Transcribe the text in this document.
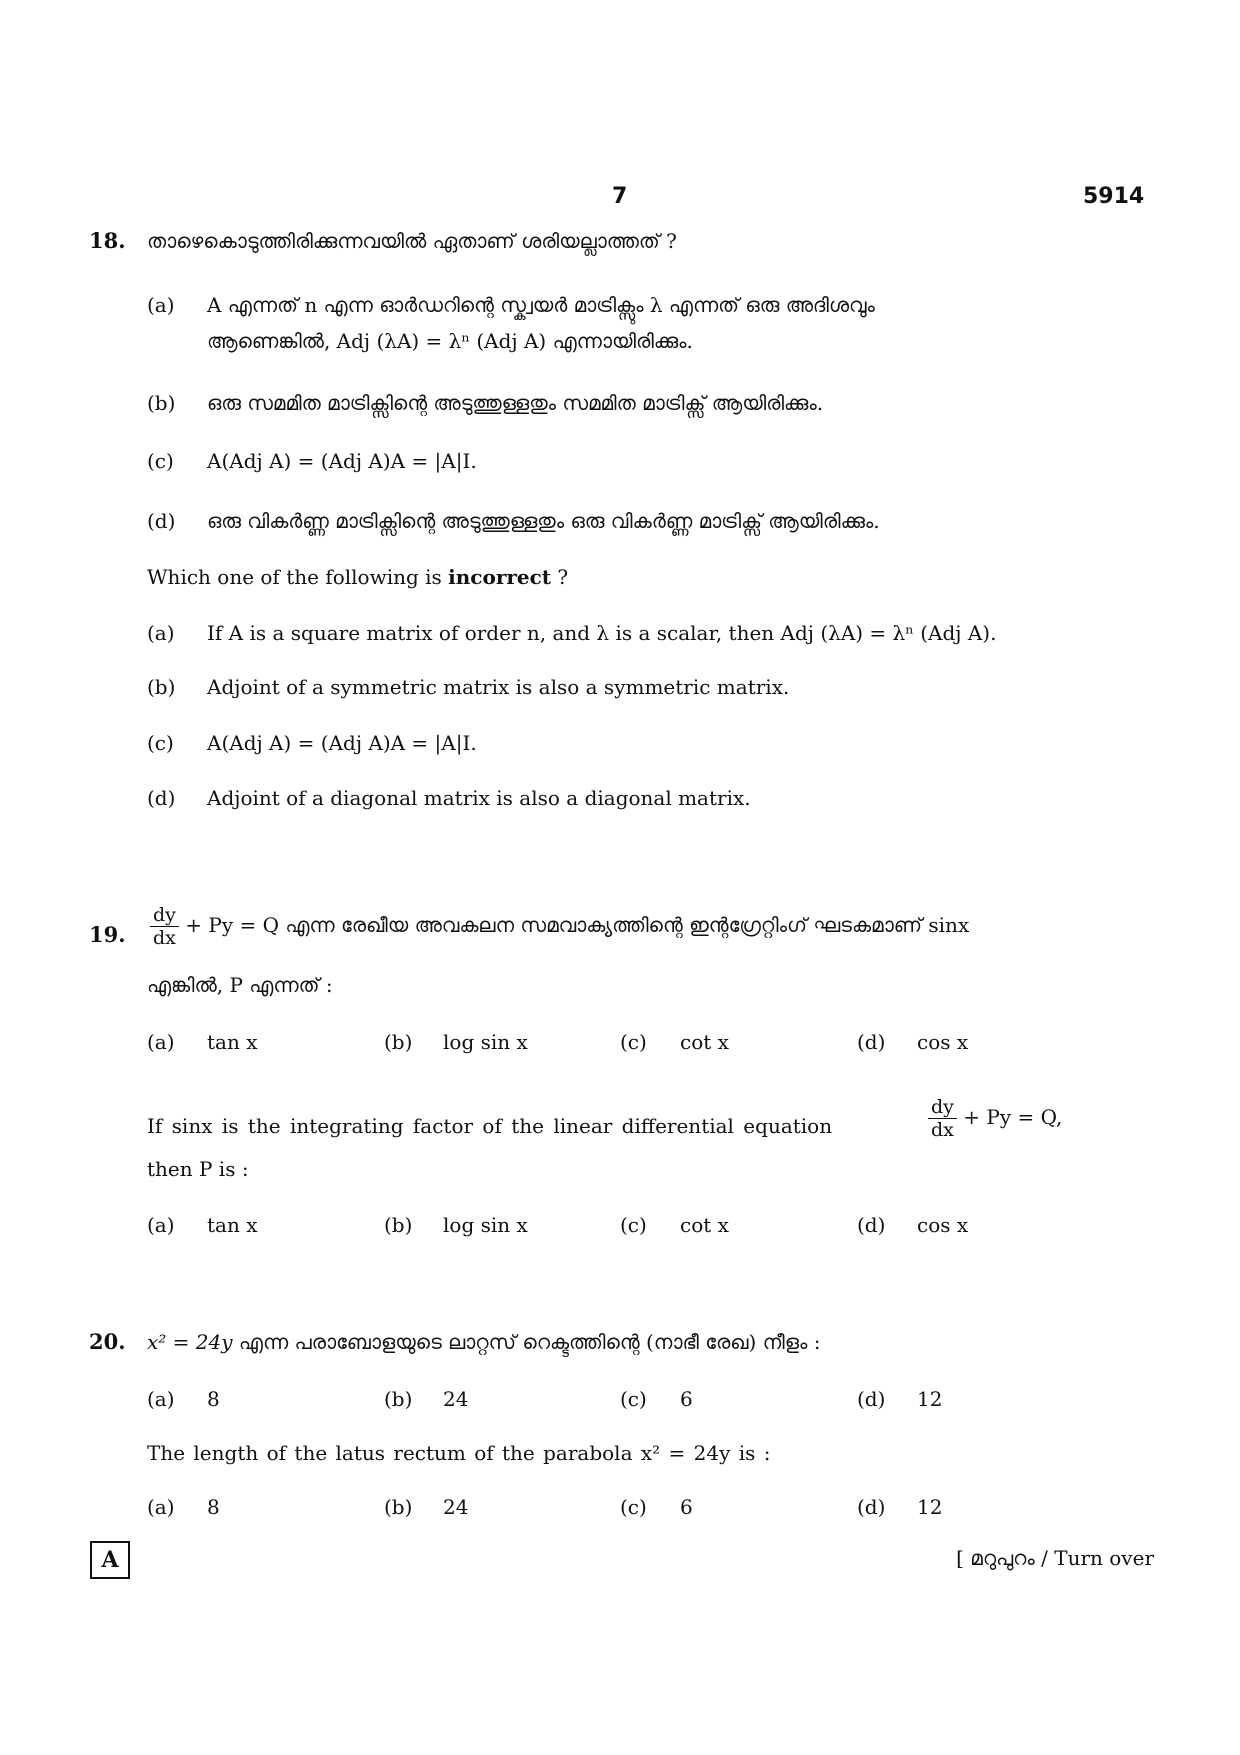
7	5914
18. താഴെകൊടുത്തിരിക്കുന്നവയിൽ ഏതാണ് ശരിയല്ലാത്തത് ?
(a) A എന്നത് n എന്ന ഓർഡറിന്റെ സ്ക്വയർ മാട്രിക്സും λ എന്നത് ഒരു അദിശവും
ആണെങ്കിൽ, Adj (λA) = λⁿ (Adj A) എന്നായിരിക്കും.
(b) ഒരു സമമിത മാട്രിക്സിന്റെ അടുത്തുള്ളതും സമമിത മാട്രിക്സ് ആയിരിക്കും.
(c) A(Adj A) = (Adj A)A = |A|I.
(d) ഒരു വികർണ്ണ മാട്രിക്സിന്റെ അടുത്തുള്ളതും ഒരു വികർണ്ണ മാട്രിക്സ് ആയിരിക്കും.
Which one of the following is incorrect ?
(a) If A is a square matrix of order n, and λ is a scalar, then Adj (λA) = λⁿ (Adj A).
(b) Adjoint of a symmetric matrix is also a symmetric matrix.
(c) A(Adj A) = (Adj A)A = |A|I.
(d) Adjoint of a diagonal matrix is also a diagonal matrix.
19. $\frac{dy}{dx} + Py = Q$ എന്ന രേഖീയ അവകലന സമവാക്യത്തിന്റെ ഇന്റഗ്രേറ്റിംഗ് ഘടകമാണ് sinx
എങ്കിൽ, P എന്നത് :
(a) tan x	(b) log sin x	(c) cot x	(d) cos x
If sinx is the integrating factor of the linear differential equation	$\frac{dy}{dx} + Py = Q$,
then P is :
(a) tan x	(b) log sin x	(c) cot x	(d) cos x
20. x² = 24y എന്ന പരാബോളയുടെ ലാറ്റസ് റെക്ടത്തിന്റെ (നാഭീ രേഖ) നീളം :
(a) 8	(b) 24	(c) 6	(d) 12
The length of the latus rectum of the parabola x² = 24y is :
(a) 8	(b) 24	(c) 6	(d) 12
A	[ മറുപുറം / Turn over
